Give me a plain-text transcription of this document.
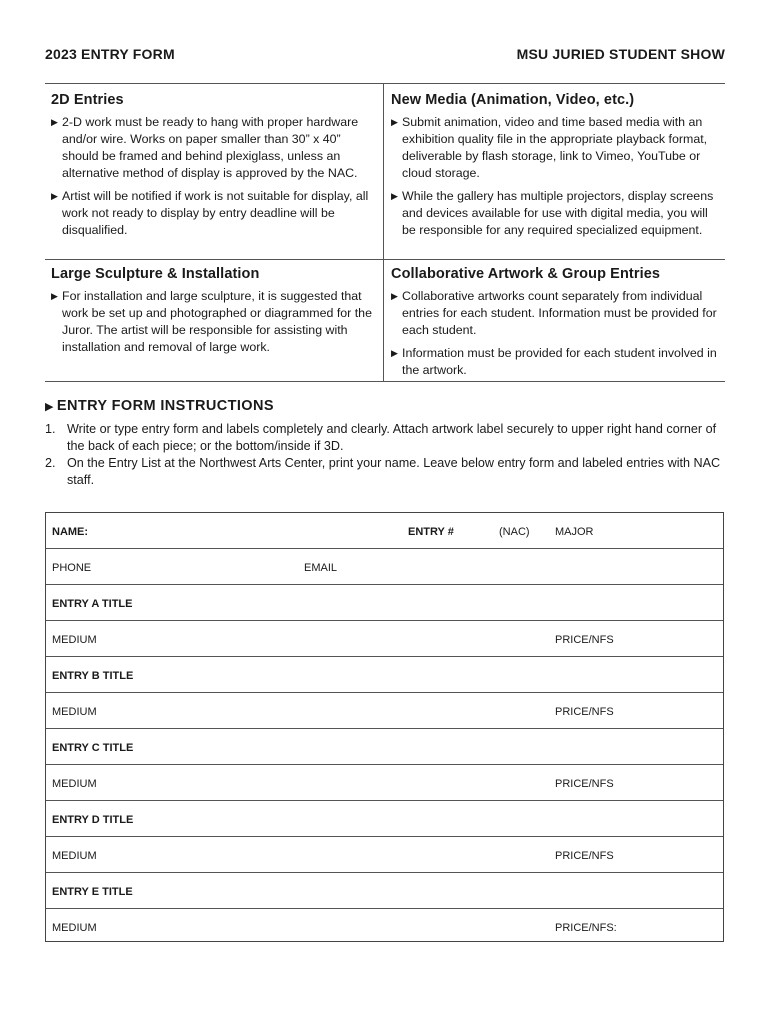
2023 ENTRY FORM	MSU JURIED STUDENT SHOW
2D Entries
▶ 2-D work must be ready to hang with proper hardware and/or wire. Works on paper smaller than 30” x 40” should be framed and behind plexiglass, unless an alternative method of display is approved by the NAC.
▶ Artist will be notified if work is not suitable for display, all work not ready to display by entry deadline will be disqualified.
New Media (Animation, Video, etc.)
▶ Submit animation, video and time based media with an exhibition quality file in the appropriate playback format, deliverable by flash storage, link to Vimeo, YouTube or cloud storage.
▶ While the gallery has multiple projectors, display screens and devices available for use with digital media, you will be responsible for any required specialized equipment.
Large Sculpture & Installation
▶ For installation and large sculpture, it is suggested that work be set up and photographed or diagrammed for the Juror. The artist will be responsible for assisting with installation and removal of large work.
Collaborative Artwork & Group Entries
▶ Collaborative artworks count separately from individual entries for each student. Information must be provided for each student.
▶ Information must be provided for each student involved in the artwork.
▶ ENTRY FORM INSTRUCTIONS
1. Write or type entry form and labels completely and clearly. Attach artwork label securely to upper right hand corner of the back of each piece; or the bottom/inside if 3D.
2. On the Entry List at the Northwest Arts Center, print your name. Leave below entry form and labeled entries with NAC staff.
NAME:	ENTRY #	(NAC) MAJOR
PHONE	EMAIL
ENTRY A TITLE
MEDIUM	PRICE/NFS
ENTRY B TITLE
MEDIUM	PRICE/NFS
ENTRY C TITLE
MEDIUM	PRICE/NFS
ENTRY D TITLE
MEDIUM	PRICE/NFS
ENTRY E TITLE
MEDIUM	PRICE/NFS:
